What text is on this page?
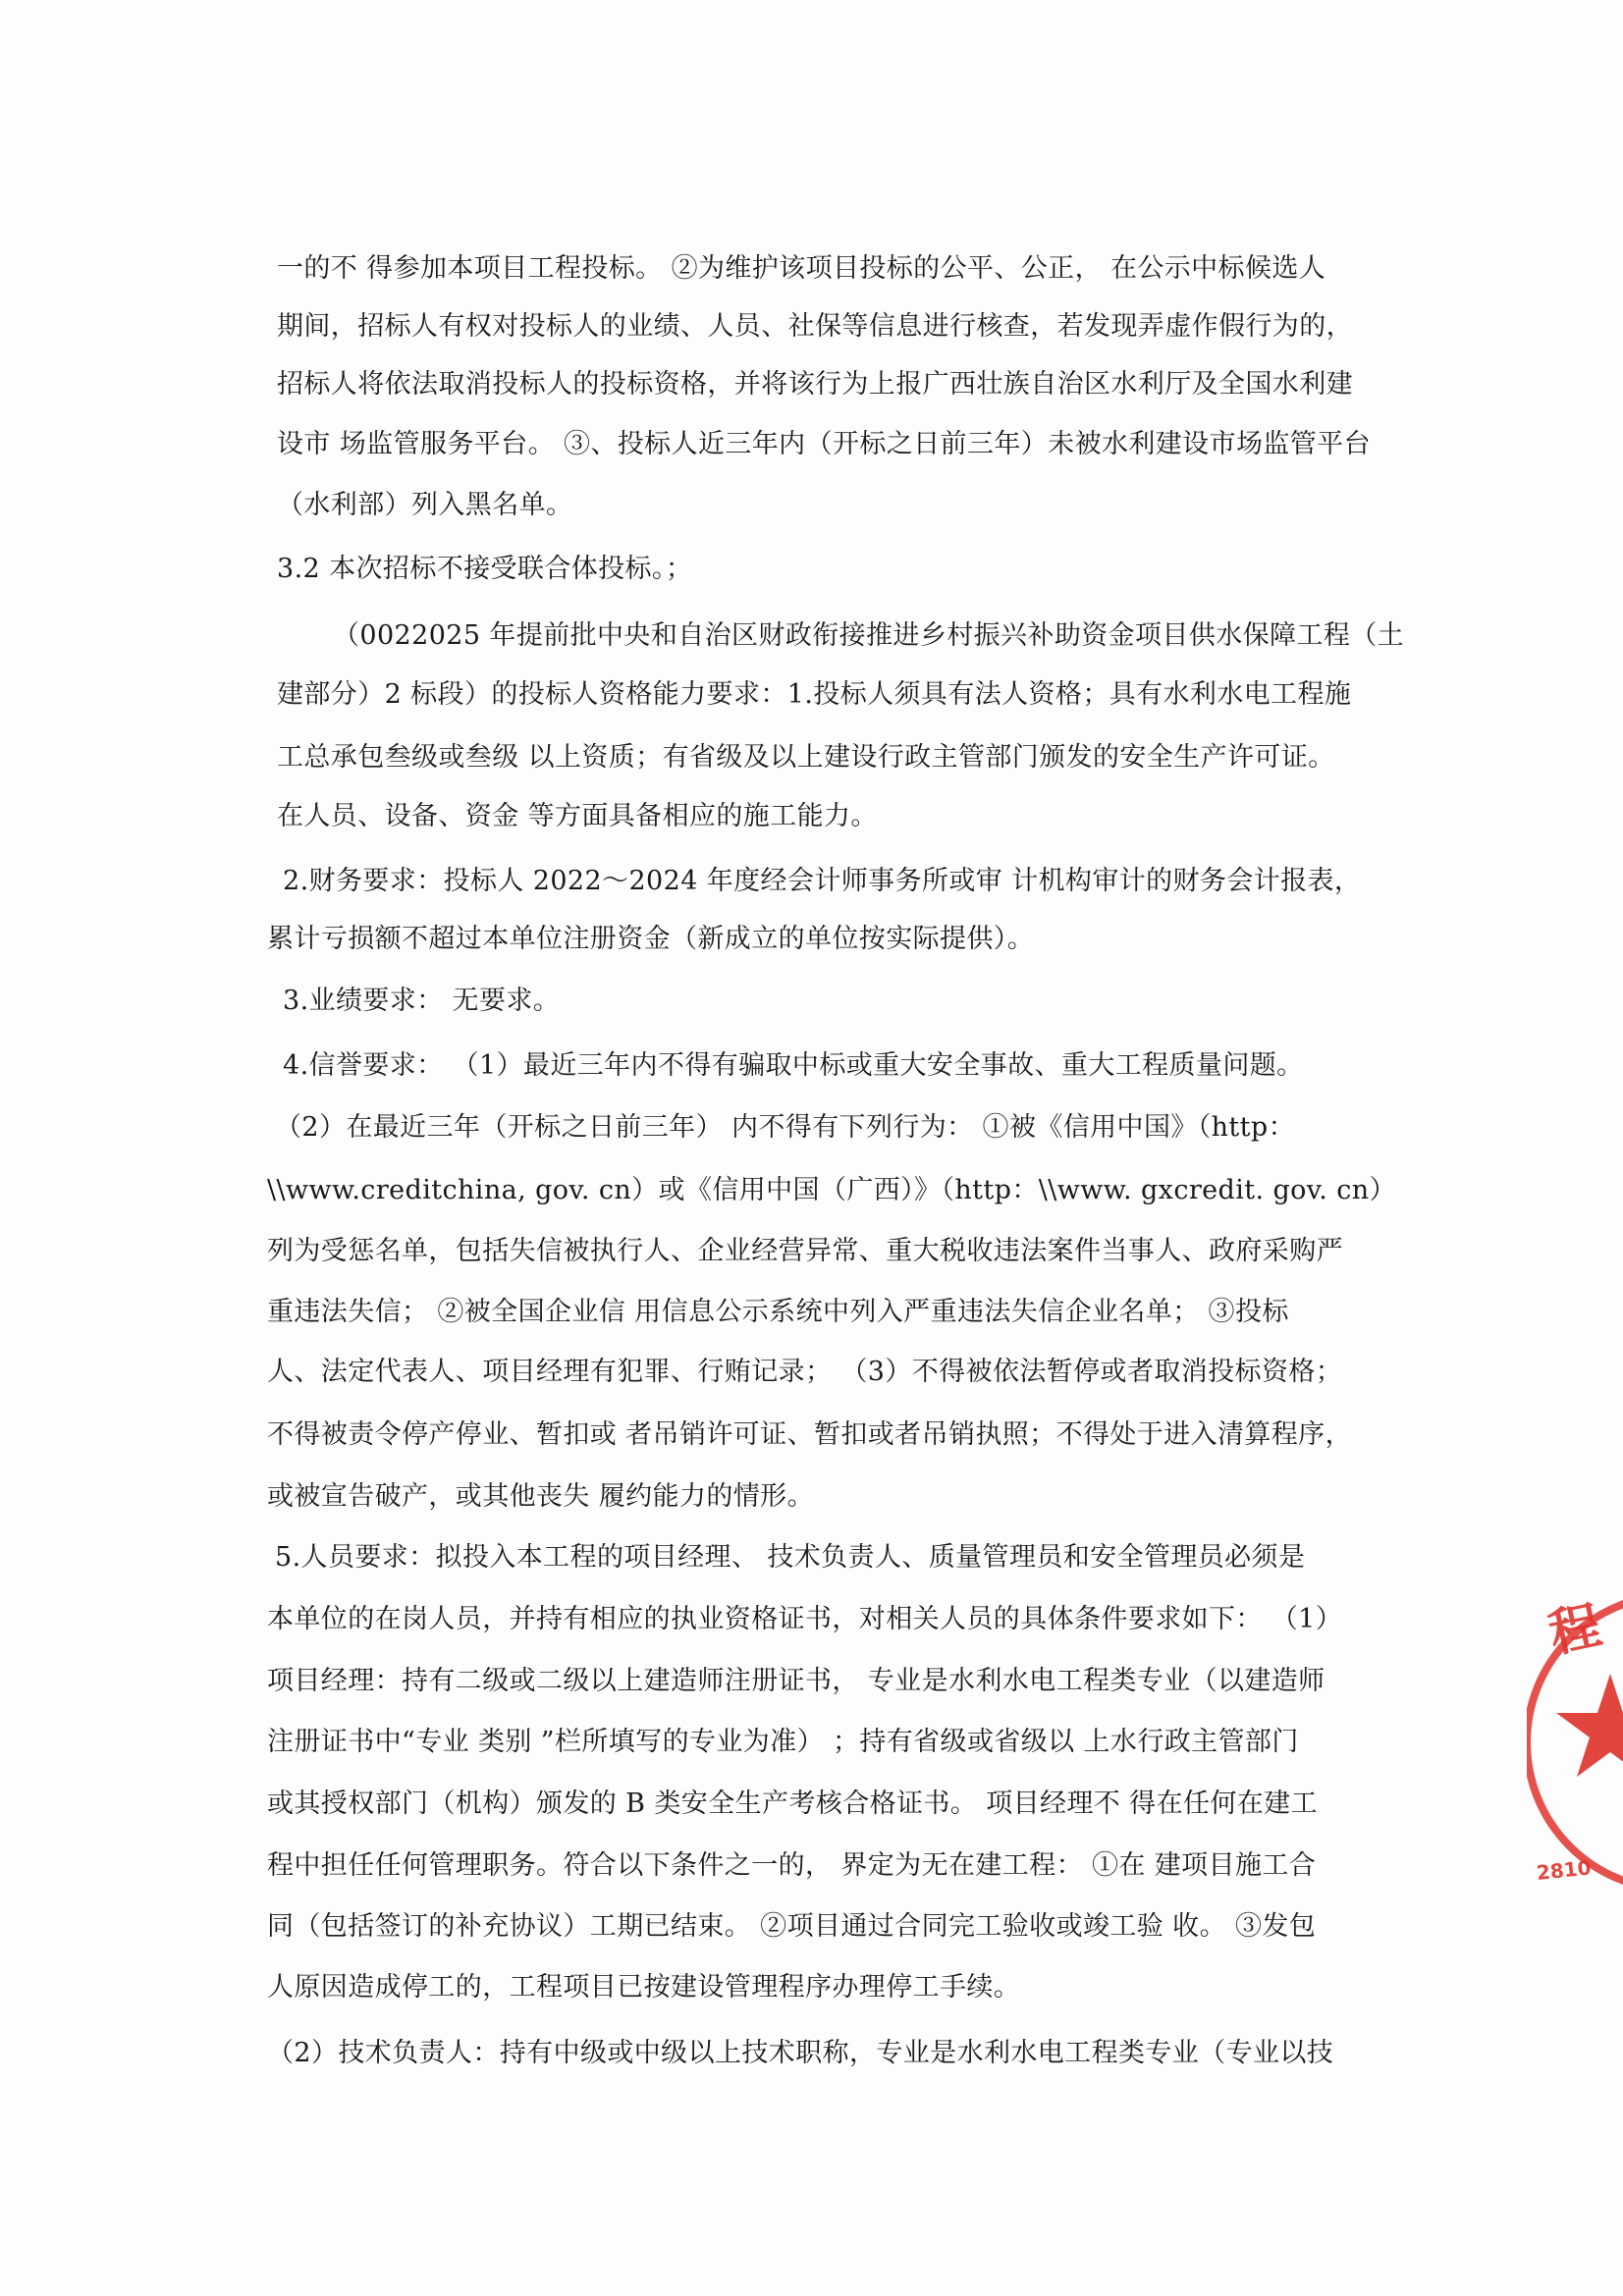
一的不 得参加本项目工程投标。 ②为维护该项目投标的公平、公正， 在公示中标候选人
期间，招标人有权对投标人的业绩、人员、社保等信息进行核查，若发现弄虚作假行为的，
招标人将依法取消投标人的投标资格，并将该行为上报广西壮族自治区水利厅及全国水利建
设市 场监管服务平台。 ③、投标人近三年内（开标之日前三年）未被水利建设市场监管平台
（水利部）列入黑名单。
3.2 本次招标不接受联合体投标。；
（0022025 年提前批中央和自治区财政衔接推进乡村振兴补助资金项目供水保障工程（土
建部分）2 标段）的投标人资格能力要求：1.投标人须具有法人资格；具有水利水电工程施
工总承包叁级或叁级 以上资质；有省级及以上建设行政主管部门颁发的安全生产许可证。
在人员、设备、资金 等方面具备相应的施工能力。
2.财务要求：投标人 2022～2024 年度经会计师事务所或审 计机构审计的财务会计报表，
累计亏损额不超过本单位注册资金（新成立的单位按实际提供）。
3.业绩要求： 无要求。
4.信誉要求： （1）最近三年内不得有骗取中标或重大安全事故、重大工程质量问题。
（2）在最近三年（开标之日前三年） 内不得有下列行为： ①被《信用中国》（http：
\\www.creditchina, gov. cn）或《信用中国（广西）》（http：\\www. gxcredit. gov. cn）
列为受惩名单，包括失信被执行人、企业经营异常、重大税收违法案件当事人、政府采购严
重违法失信； ②被全国企业信 用信息公示系统中列入严重违法失信企业名单； ③投标
人、法定代表人、项目经理有犯罪、行贿记录； （3）不得被依法暂停或者取消投标资格；
不得被责令停产停业、暂扣或 者吊销许可证、暂扣或者吊销执照；不得处于进入清算程序，
或被宣告破产，或其他丧失 履约能力的情形。
5.人员要求：拟投入本工程的项目经理、 技术负责人、质量管理员和安全管理员必须是
本单位的在岗人员，并持有相应的执业资格证书，对相关人员的具体条件要求如下： （1）
项目经理：持有二级或二级以上建造师注册证书， 专业是水利水电工程类专业（以建造师
注册证书中“专业 类别 ”栏所填写的专业为准） ；持有省级或省级以 上水行政主管部门
或其授权部门（机构）颁发的 B 类安全生产考核合格证书。 项目经理不 得在任何在建工
程中担任任何管理职务。符合以下条件之一的， 界定为无在建工程： ①在 建项目施工合
同（包括签订的补充协议）工期已结束。 ②项目通过合同完工验收或竣工验 收。 ③发包
人原因造成停工的，工程项目已按建设管理程序办理停工手续。
（2）技术负责人：持有中级或中级以上技术职称，专业是水利水电工程类专业（专业以技
程
2810
